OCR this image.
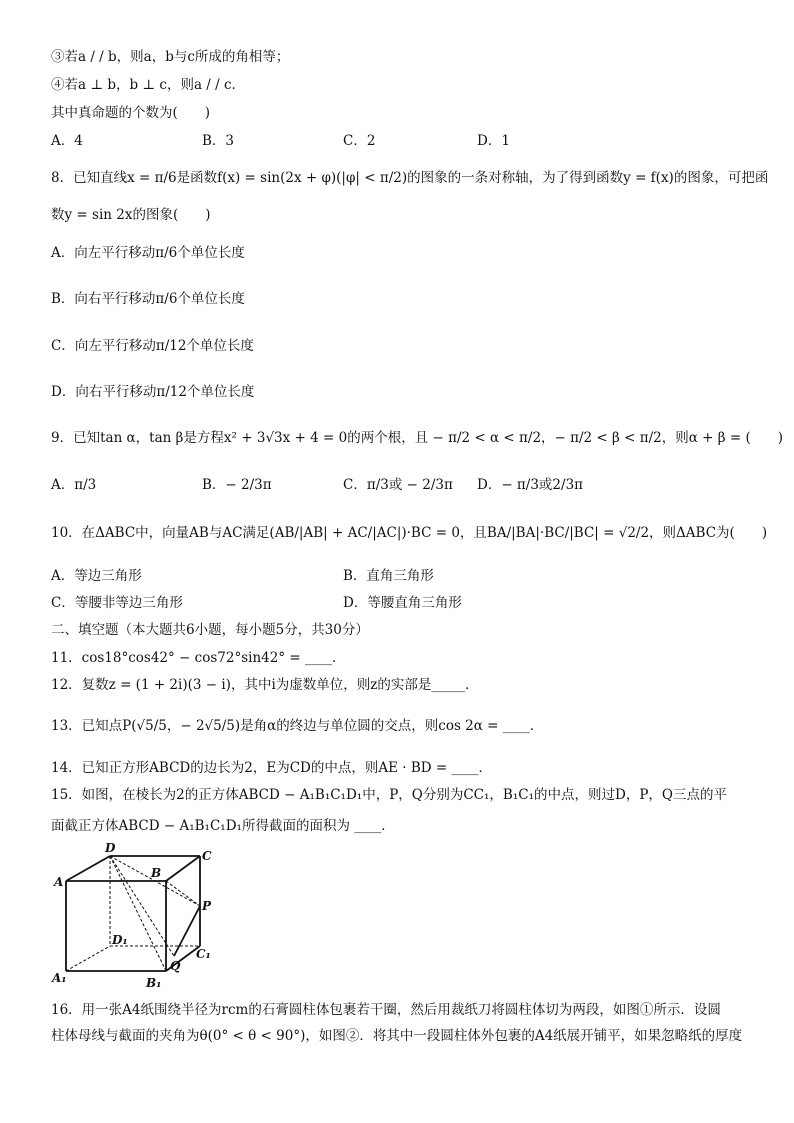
③若a / / b，则a，b与c所成的角相等；
④若a ⊥ b，b ⊥ c，则a / / c．
其中真命题的个数为(　　)
A．4	B．3	C．2	D．1
8．已知直线x = π/6是函数f(x) = sin(2x + φ)(|φ| < π/2)的图象的一条对称轴，为了得到函数y = f(x)的图象，可把函
数y = sin 2x的图象(　　)
A．向左平行移动π/6个单位长度
B．向右平行移动π/6个单位长度
C．向左平行移动π/12个单位长度
D．向右平行移动π/12个单位长度
9．已知tan α，tan β是方程x² + 3√3x + 4 = 0的两个根，且 − π/2 < α < π/2，− π/2 < β < π/2，则α + β = (　　)
A．π/3	B．− 2/3π	C．π/3或 − 2/3π D．− π/3或2/3π
10．在ΔABC中，向量AB与AC满足(AB/|AB| + AC/|AC|)·BC = 0，且BA/|BA|·BC/|BC| = √2/2，则ΔABC为(　　)
A．等边三角形	B．直角三角形
C．等腰非等边三角形	D．等腰直角三角形
二、填空题（本大题共6小题，每小题5分，共30分）
11．cos18°cos42° − cos72°sin42° = ____．
12．复数z = (1 + 2i)(3 − i)，其中i为虚数单位，则z的实部是_____．
13．已知点P(√5/5，− 2√5/5)是角α的终边与单位圆的交点，则cos 2α = ____．
14．已知正方形ABCD的边长为2，E为CD的中点，则AE · BD = ____．
15．如图，在棱长为2的正方体ABCD − A₁B₁C₁D₁中，P，Q分别为CC₁，B₁C₁的中点，则过D，P，Q三点的平
面截正方体ABCD − A₁B₁C₁D₁所得截面的面积为 ____．
D
C
A
B
P
D₁
C₁
A₁	B₁
Q
16．用一张A4纸围绕半径为rcm的石膏圆柱体包裹若干圈，然后用裁纸刀将圆柱体切为两段，如图①所示．设圆
柱体母线与截面的夹角为θ(0° < θ < 90°)，如图②．将其中一段圆柱体外包裹的A4纸展开铺平，如果忽略纸的厚度
